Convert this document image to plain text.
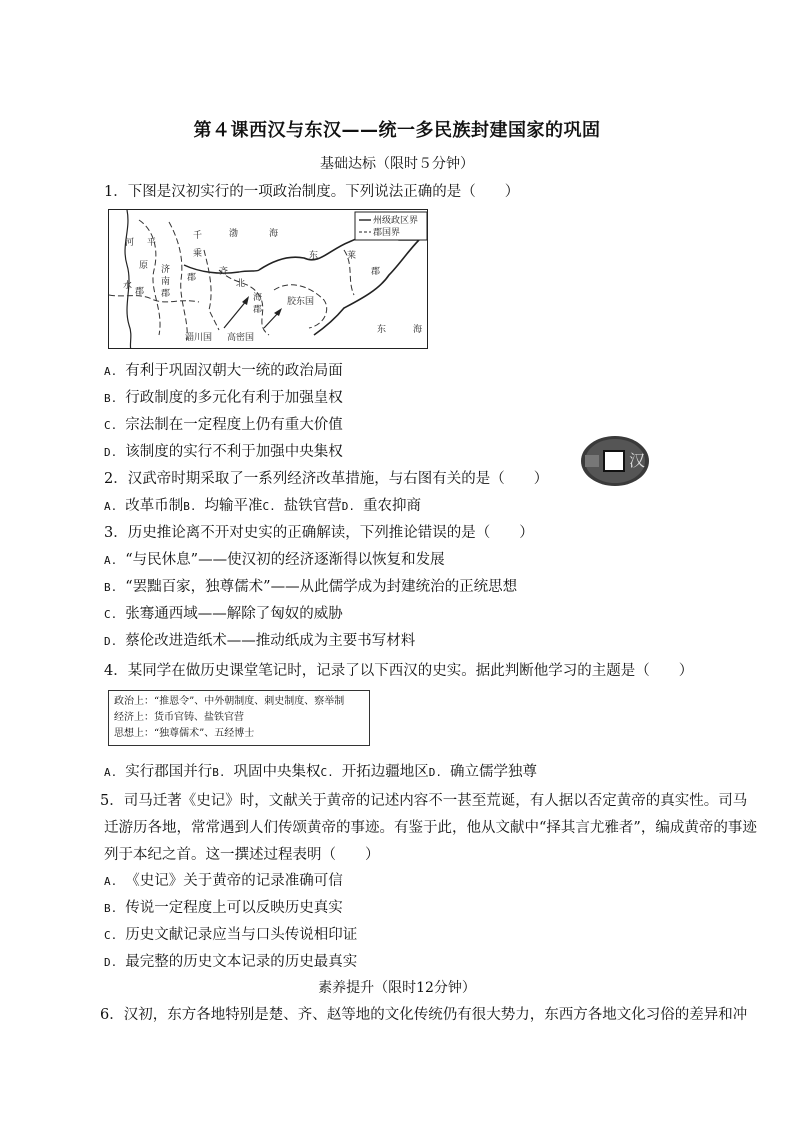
第４课西汉与东汉——统一多民族封建国家的巩固
基础达标（限时５分钟）
1．下图是汉初实行的一项政治制度。下列说法正确的是（　　）
州级政区界
郡国界
河 平
千
乘
原 济
南
郡
水
郡
郡
齐
北
海
郡
渤	海
东	莱
郡
东	海
胶东国
淄川国 高密国
A. 有利于巩固汉朝大一统的政治局面
B. 行政制度的多元化有利于加强皇权
C. 宗法制在一定程度上仍有重大价值
D. 该制度的实行不利于加强中央集权	汉
2．汉武帝时期采取了一系列经济改革措施，与右图有关的是（　　）
A. 改革币制B. 均输平准C. 盐铁官营D. 重农抑商
3．历史推论离不开对史实的正确解读，下列推论错误的是（　　）
A. “与民休息”——使汉初的经济逐渐得以恢复和发展
B. “罢黜百家，独尊儒术”——从此儒学成为封建统治的正统思想
C. 张骞通西域——解除了匈奴的威胁
D. 蔡伦改进造纸术——推动纸成为主要书写材料
4．某同学在做历史课堂笔记时，记录了以下西汉的史实。据此判断他学习的主题是（　　）
政治上：“推恩令”、中外朝制度、刺史制度、察举制
经济上：货币官铸、盐铁官营
思想上：“独尊儒术”、五经博士
A. 实行郡国并行B. 巩固中央集权C. 开拓边疆地区D. 确立儒学独尊
5．司马迁著《史记》时，文献关于黄帝的记述内容不一甚至荒诞，有人据以否定黄帝的真实性。司马
迁游历各地，常常遇到人们传颂黄帝的事迹。有鉴于此，他从文献中“择其言尤雅者”，编成黄帝的事迹
列于本纪之首。这一撰述过程表明（　　）
A. 《史记》关于黄帝的记录准确可信
B. 传说一定程度上可以反映历史真实
C. 历史文献记录应当与口头传说相印证
D. 最完整的历史文本记录的历史最真实
素养提升（限时12分钟）
6．汉初，东方各地特别是楚、齐、赵等地的文化传统仍有很大势力，东西方各地文化习俗的差异和冲
